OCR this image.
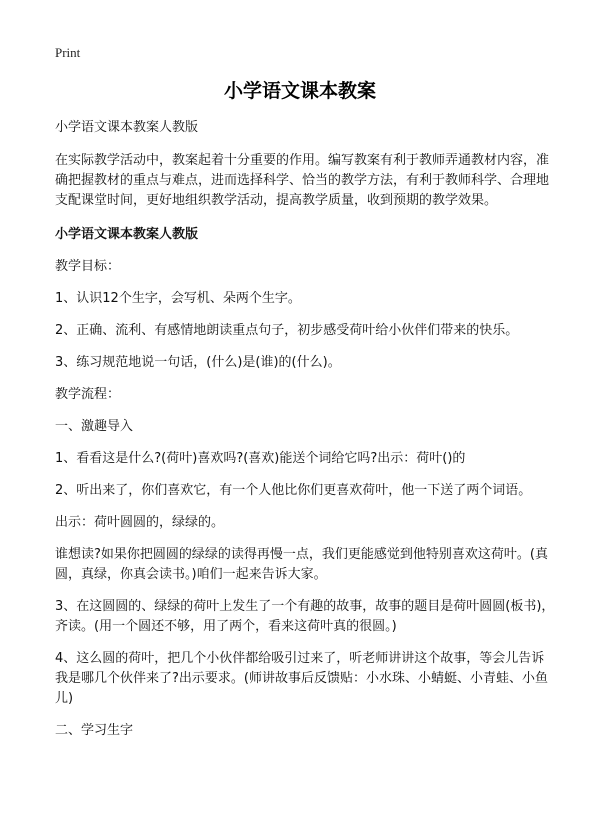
Print
小学语文课本教案

小学语文课本教案人教版

在实际教学活动中，教案起着十分重要的作用。编写教案有利于教师弄通教材内容，准确把握教材的重点与难点，进而选择科学、恰当的教学方法，有利于教师科学、合理地支配课堂时间，更好地组织教学活动，提高教学质量，收到预期的教学效果。

小学语文课本教案人教版

教学目标：

1、认识12个生字，会写机、朵两个生字。

2、正确、流利、有感情地朗读重点句子，初步感受荷叶给小伙伴们带来的快乐。

3、练习规范地说一句话，(什么)是(谁)的(什么)。

教学流程：

一、激趣导入

1、看看这是什么?(荷叶)喜欢吗?(喜欢)能送个词给它吗?出示：荷叶()的

2、听出来了，你们喜欢它，有一个人他比你们更喜欢荷叶，他一下送了两个词语。

出示：荷叶圆圆的，绿绿的。

谁想读?如果你把圆圆的绿绿的读得再慢一点，我们更能感觉到他特别喜欢这荷叶。(真圆，真绿，你真会读书。)咱们一起来告诉大家。

3、在这圆圆的、绿绿的荷叶上发生了一个有趣的故事，故事的题目是荷叶圆圆(板书)，齐读。(用一个圆还不够，用了两个，看来这荷叶真的很圆。)

4、这么圆的荷叶，把几个小伙伴都给吸引过来了，听老师讲讲这个故事，等会儿告诉我是哪几个伙伴来了?出示要求。(师讲故事后反馈贴：小水珠、小蜻蜓、小青蛙、小鱼儿)

二、学习生字
